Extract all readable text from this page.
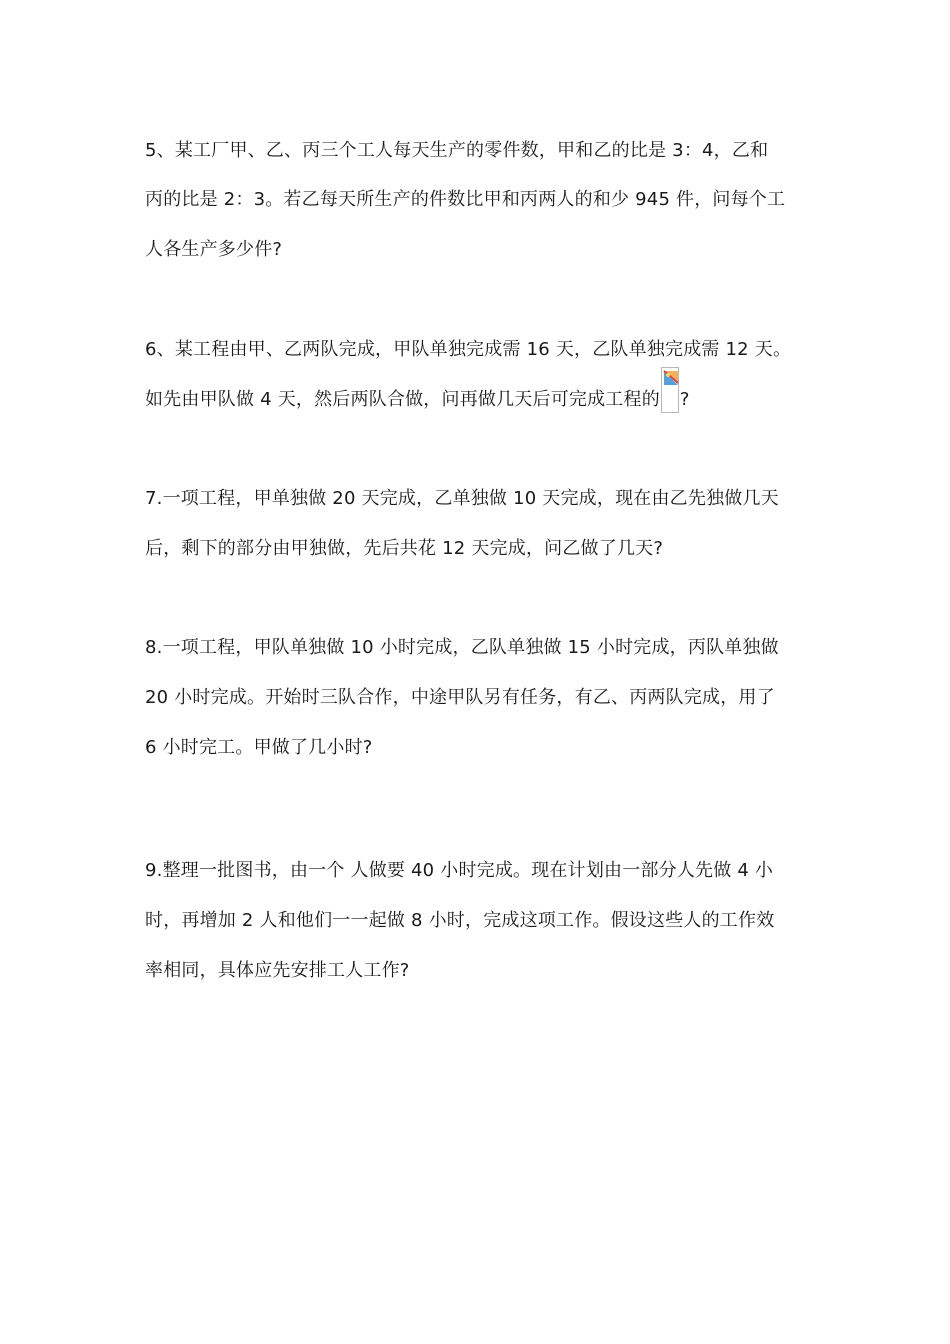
5、某工厂甲、乙、丙三个工人每天生产的零件数，甲和乙的比是 3：4，乙和
丙的比是 2：3。若乙每天所生产的件数比甲和丙两人的和少 945 件，问每个工
人各生产多少件?
6、某工程由甲、乙两队完成，甲队单独完成需 16 天，乙队单独完成需 12 天。
如先由甲队做 4 天，然后两队合做，问再做几天后可完成工程的 ?
7.一项工程，甲单独做 20 天完成，乙单独做 10 天完成，现在由乙先独做几天
后，剩下的部分由甲独做，先后共花 12 天完成，问乙做了几天?
8.一项工程，甲队单独做 10 小时完成，乙队单独做 15 小时完成，丙队单独做
20 小时完成。开始时三队合作，中途甲队另有任务，有乙、丙两队完成，用了
6 小时完工。甲做了几小时?
9.整理一批图书，由一个 人做要 40 小时完成。现在计划由一部分人先做 4 小
时，再增加 2 人和他们一一起做 8 小时，完成这项工作。假设这些人的工作效
率相同，具体应先安排工人工作?
